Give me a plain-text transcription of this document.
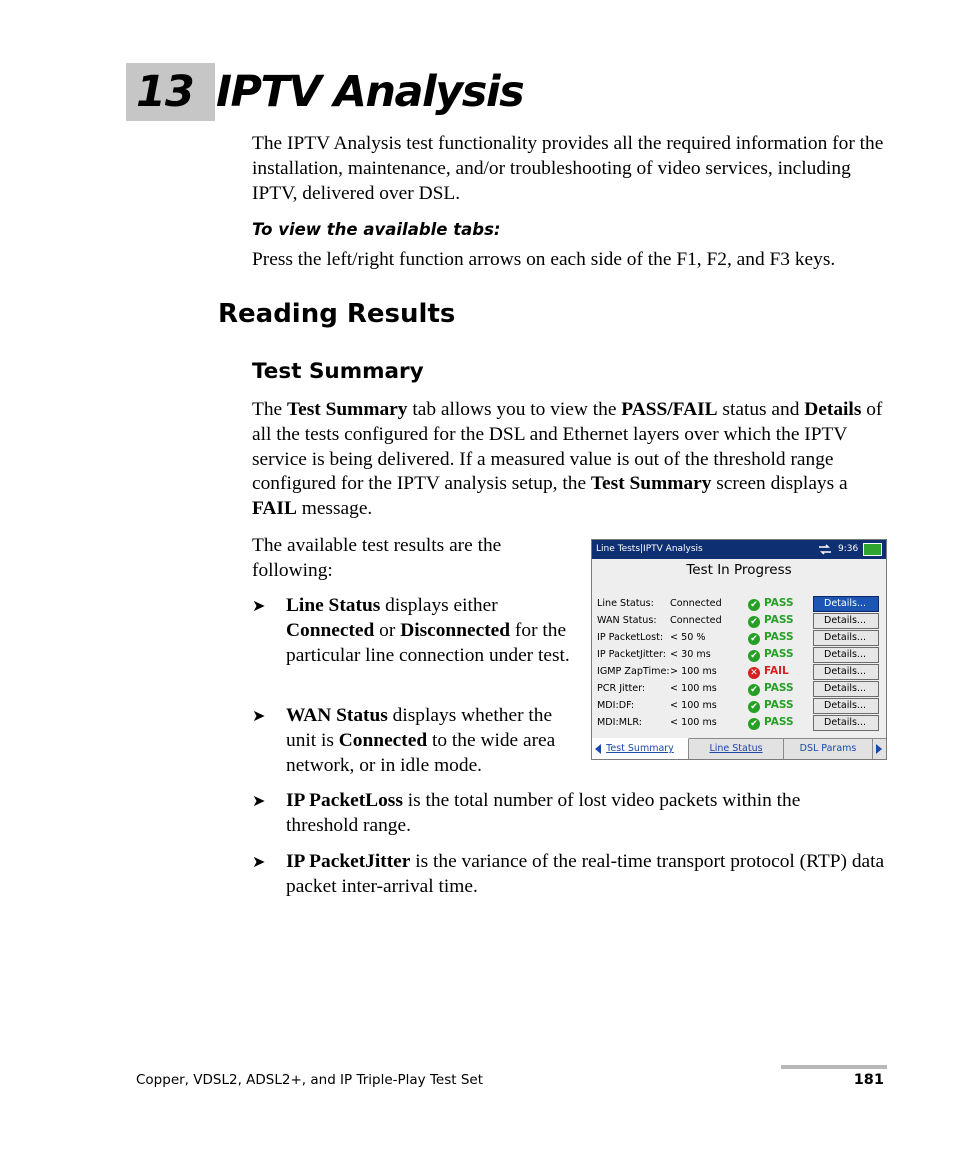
13 IPTV Analysis
The IPTV Analysis test functionality provides all the required information for the installation, maintenance, and/or troubleshooting of video services, including IPTV, delivered over DSL.
To view the available tabs:
Press the left/right function arrows on each side of the F1, F2, and F3 keys.
Reading Results
Test Summary
The Test Summary tab allows you to view the PASS/FAIL status and Details of all the tests configured for the DSL and Ethernet layers over which the IPTV service is being delivered. If a measured value is out of the threshold range configured for the IPTV analysis setup, the Test Summary screen displays a FAIL message.
The available test results are the following:
➤	Line Status displays either Connected or Disconnected for the particular line connection under test.
➤	WAN Status displays whether the unit is Connected to the wide area network, or in idle mode.
➤	IP PacketLoss is the total number of lost video packets within the threshold range.
➤	IP PacketJitter is the variance of the real-time transport protocol (RTP) data packet inter-arrival time.
Line Tests|IPTV Analysis	9:36
Test In Progress
Line Status: Connected	✔ PASS	Details...
WAN Status: Connected	✔ PASS	Details...
IP PacketLost: < 50 %	✔ PASS	Details...
IP PacketJitter: < 30 ms	✔ PASS	Details...
IGMP ZapTime: > 100 ms	✕ FAIL	Details...
PCR Jitter:	< 100 ms	✔ PASS	Details...
MDI:DF:	< 100 ms	✔ PASS	Details...
MDI:MLR:	< 100 ms	✔ PASS	Details...
Test Summary	Line Status	DSL Params
Copper, VDSL2, ADSL2+, and IP Triple-Play Test Set	181
